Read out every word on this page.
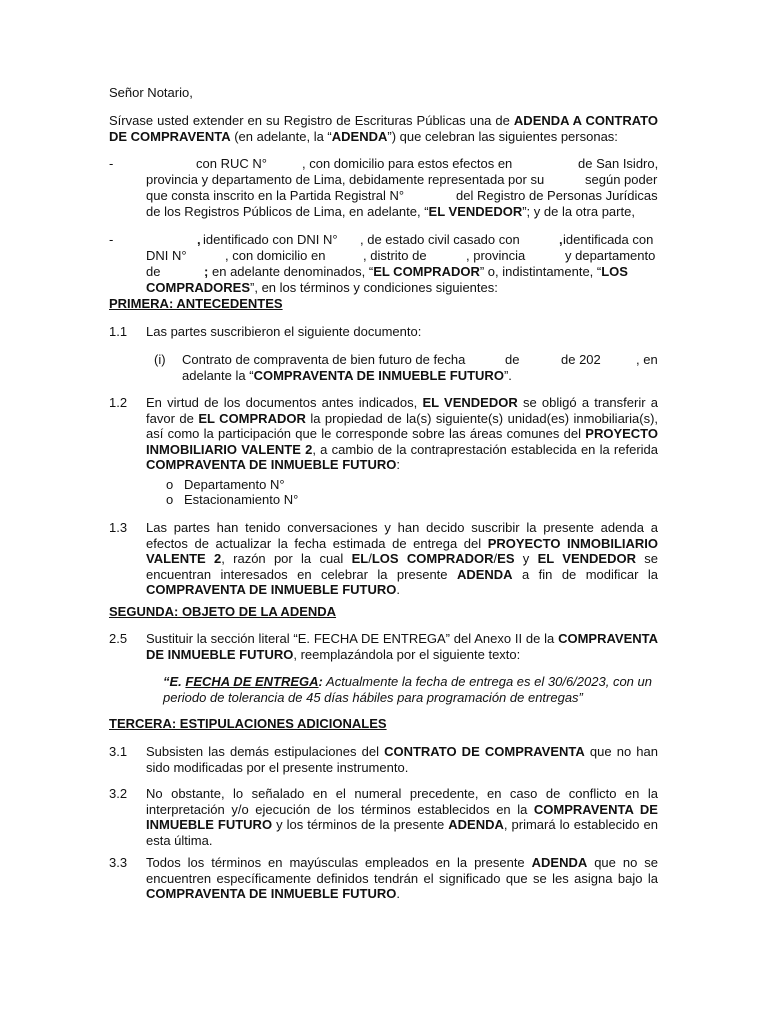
Señor Notario,

Sírvase usted extender en su Registro de Escrituras Públicas una de ADENDA A CONTRATO DE COMPRAVENTA (en adelante, la “ADENDA”) que celebran las siguientes personas:

-	con RUC N°	, con domicilio para estos efectos en	de San Isidro,
provincia y departamento de Lima, debidamente representada por su	según poder
que consta inscrito en la Partida Registral N°	del Registro de Personas Jurídicas
de los Registros Públicos de Lima, en adelante, “EL VENDEDOR”; y de la otra parte,
-	, identificado con DNI N° , de estado civil casado con	, identificada con
DNI N°	, con domicilio en	, distrito de	, provincia	y departamento
de	; en adelante denominados, “EL COMPRADOR” o, indistintamente, “LOS
COMPRADORES”, en los términos y condiciones siguientes:
PRIMERA: ANTECEDENTES
1.1 Las partes suscribieron el siguiente documento:
(i) Contrato de compraventa de bien futuro de fecha	de	de 202	, en
adelante la “COMPRAVENTA DE INMUEBLE FUTURO”.
1.2 En virtud de los documentos antes indicados, EL VENDEDOR se obligó a transferir a favor de EL COMPRADOR la propiedad de la(s) siguiente(s) unidad(es) inmobiliaria(s), así como la participación que le corresponde sobre las áreas comunes del PROYECTO INMOBILIARIO VALENTE 2, a cambio de la contraprestación establecida en la referida COMPRAVENTA DE INMUEBLE FUTURO:

o Departamento N°
o Estacionamiento N°
1.3 Las partes han tenido conversaciones y han decido suscribir la presente adenda a efectos de actualizar la fecha estimada de entrega del PROYECTO INMOBILIARIO VALENTE 2, razón por la cual EL/LOS COMPRADOR/ES y EL VENDEDOR se encuentran interesados en celebrar la presente ADENDA a fin de modificar la COMPRAVENTA DE INMUEBLE FUTURO.

SEGUNDA: OBJETO DE LA ADENDA
2.5 Sustituir la sección literal “E. FECHA DE ENTREGA” del Anexo II de la COMPRAVENTA DE INMUEBLE FUTURO, reemplazándola por el siguiente texto:

“E. FECHA DE ENTREGA: Actualmente la fecha de entrega es el 30/6/2023, con un periodo de tolerancia de 45 días hábiles para programación de entregas”

TERCERA: ESTIPULACIONES ADICIONALES
3.1 Subsisten las demás estipulaciones del CONTRATO DE COMPRAVENTA que no han sido modificadas por el presente instrumento.

3.2 No obstante, lo señalado en el numeral precedente, en caso de conflicto en la interpretación y/o ejecución de los términos establecidos en la COMPRAVENTA DE INMUEBLE FUTURO y los términos de la presente ADENDA, primará lo establecido en esta última.

3.3 Todos los términos en mayúsculas empleados en la presente ADENDA que no se encuentren específicamente definidos tendrán el significado que se les asigna bajo la COMPRAVENTA DE INMUEBLE FUTURO.
